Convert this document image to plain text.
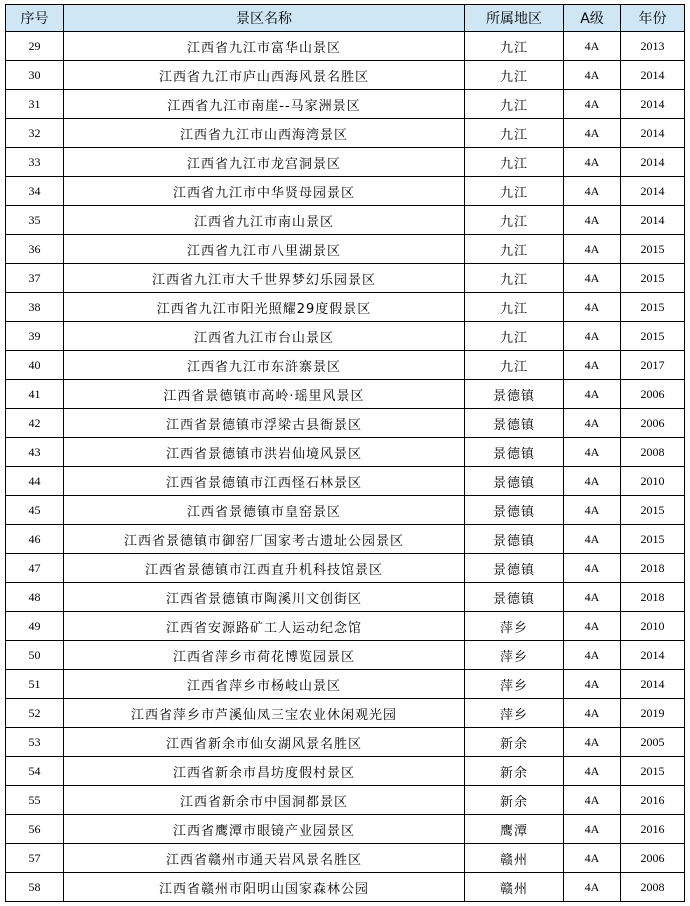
序号	景区名称	所属地区	A级	年份
29	江西省九江市富华山景区	九江	4A	2013
30	江西省九江市庐山西海风景名胜区	九江	4A	2014
31	江西省九江市南崖--马家洲景区	九江	4A	2014
32	江西省九江市山西海湾景区	九江	4A	2014
33	江西省九江市龙宫洞景区	九江	4A	2014
34	江西省九江市中华贤母园景区	九江	4A	2014
35	江西省九江市南山景区	九江	4A	2014
36	江西省九江市八里湖景区	九江	4A	2015
37	江西省九江市大千世界梦幻乐园景区	九江	4A	2015
38	江西省九江市阳光照耀29度假景区	九江	4A	2015
39	江西省九江市台山景区	九江	4A	2015
40	江西省九江市东浒寨景区	九江	4A	2017
41	江西省景德镇市高岭·瑶里风景区	景德镇	4A	2006
42	江西省景德镇市浮梁古县衙景区	景德镇	4A	2006
43	江西省景德镇市洪岩仙境风景区	景德镇	4A	2008
44	江西省景德镇市江西怪石林景区	景德镇	4A	2010
45	江西省景德镇市皇窑景区	景德镇	4A	2015
46	江西省景德镇市御窑厂国家考古遗址公园景区	景德镇	4A	2015
47	江西省景德镇市江西直升机科技馆景区	景德镇	4A	2018
48	江西省景德镇市陶溪川文创街区	景德镇	4A	2018
49	江西省安源路矿工人运动纪念馆	萍乡	4A	2010
50	江西省萍乡市荷花博览园景区	萍乡	4A	2014
51	江西省萍乡市杨岐山景区	萍乡	4A	2014
52	江西省萍乡市芦溪仙凤三宝农业休闲观光园	萍乡	4A	2019
53	江西省新余市仙女湖风景名胜区	新余	4A	2005
54	江西省新余市昌坊度假村景区	新余	4A	2015
55	江西省新余市中国洞都景区	新余	4A	2016
56	江西省鹰潭市眼镜产业园景区	鹰潭	4A	2016
57	江西省赣州市通天岩风景名胜区	赣州	4A	2006
58	江西省赣州市阳明山国家森林公园	赣州	4A	2008
